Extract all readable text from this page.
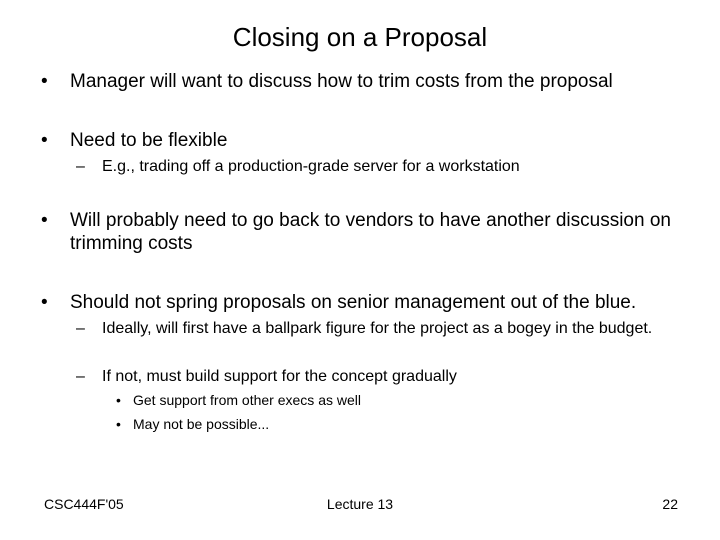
Closing on a Proposal
• Manager will want to discuss how to trim costs from the proposal
• Need to be flexible
– E.g., trading off a production-grade server for a workstation
• Will probably need to go back to vendors to have another discussion on trimming costs
• Should not spring proposals on senior management out of the blue.
– Ideally, will first have a ballpark figure for the project as a bogey in the budget.
– If not, must build support for the concept gradually
• Get support from other execs as well
• May not be possible...
CSC444F'05	Lecture 13	22
